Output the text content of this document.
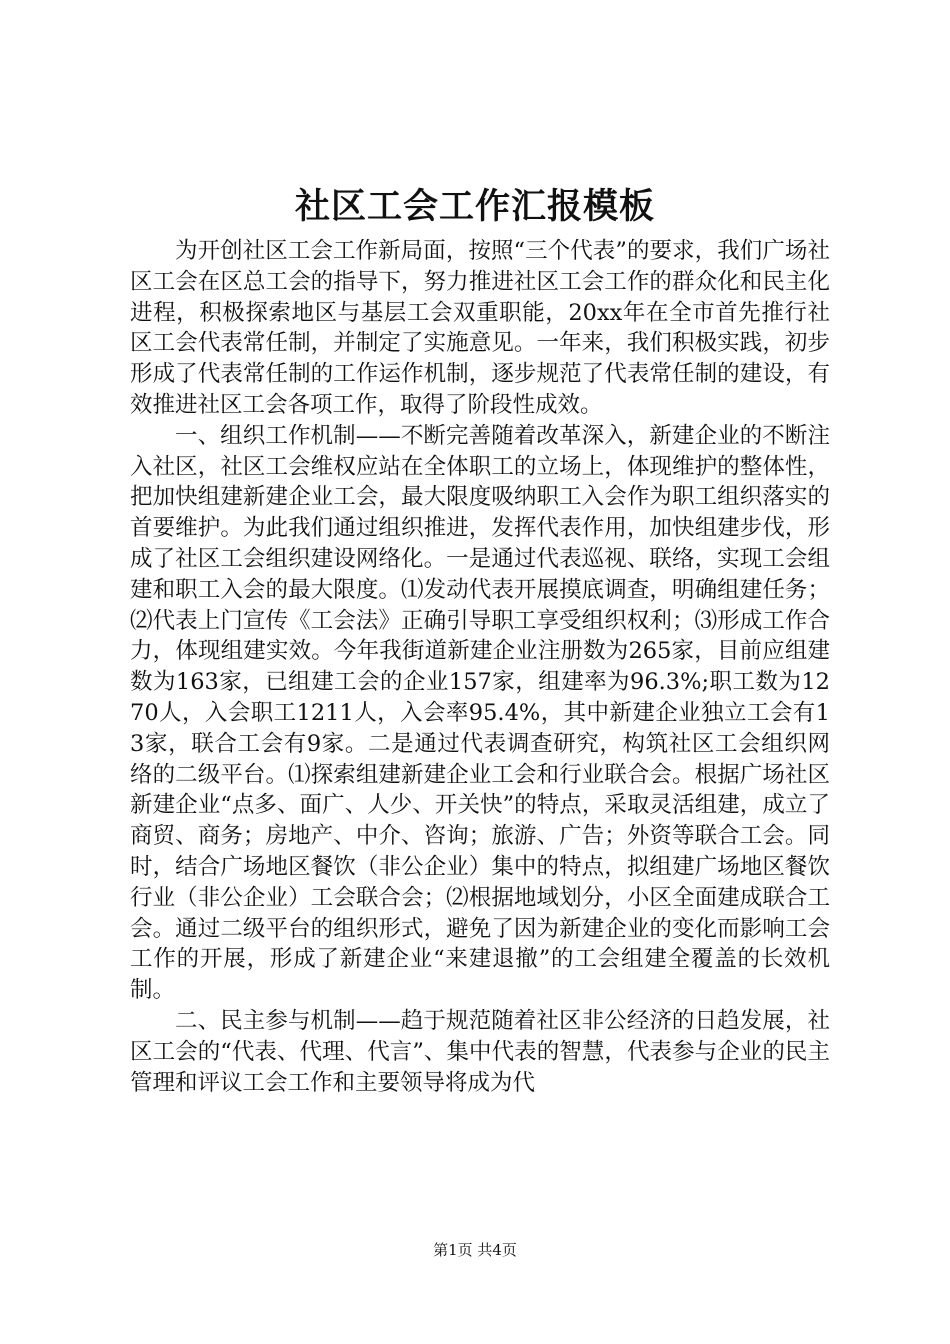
社区工会工作汇报模板

为开创社区工会工作新局面，按照“三个代表”的要求，我们广场社区工会在区总工会的指导下，努力推进社区工会工作的群众化和民主化进程，积极探索地区与基层工会双重职能，20xx年在全市首先推行社区工会代表常任制，并制定了实施意见。一年来，我们积极实践，初步形成了代表常任制的工作运作机制，逐步规范了代表常任制的建设，有效推进社区工会各项工作，取得了阶段性成效。

一、组织工作机制——不断完善随着改革深入，新建企业的不断注入社区，社区工会维权应站在全体职工的立场上，体现维护的整体性，把加快组建新建企业工会，最大限度吸纳职工入会作为职工组织落实的首要维护。为此我们通过组织推进，发挥代表作用，加快组建步伐，形成了社区工会组织建设网络化。一是通过代表巡视、联络，实现工会组建和职工入会的最大限度。⑴发动代表开展摸底调查，明确组建任务；⑵代表上门宣传《工会法》正确引导职工享受组织权利；⑶形成工作合力，体现组建实效。今年我街道新建企业注册数为265家，目前应组建数为163家，已组建工会的企业157家，组建率为96.3%;职工数为1270人，入会职工1211人，入会率95.4%，其中新建企业独立工会有13家，联合工会有9家。二是通过代表调查研究，构筑社区工会组织网络的二级平台。⑴探索组建新建企业工会和行业联合会。根据广场社区新建企业“点多、面广、人少、开关快”的特点，采取灵活组建，成立了商贸、商务；房地产、中介、咨询；旅游、广告；外资等联合工会。同时，结合广场地区餐饮（非公企业）集中的特点，拟组建广场地区餐饮行业（非公企业）工会联合会；⑵根据地域划分，小区全面建成联合工会。通过二级平台的组织形式，避免了因为新建企业的变化而影响工会工作的开展，形成了新建企业“来建退撤”的工会组建全覆盖的长效机制。

二、民主参与机制——趋于规范随着社区非公经济的日趋发展，社区工会的“代表、代理、代言”、集中代表的智慧，代表参与企业的民主管理和评议工会工作和主要领导将成为代

第1页 共4页
